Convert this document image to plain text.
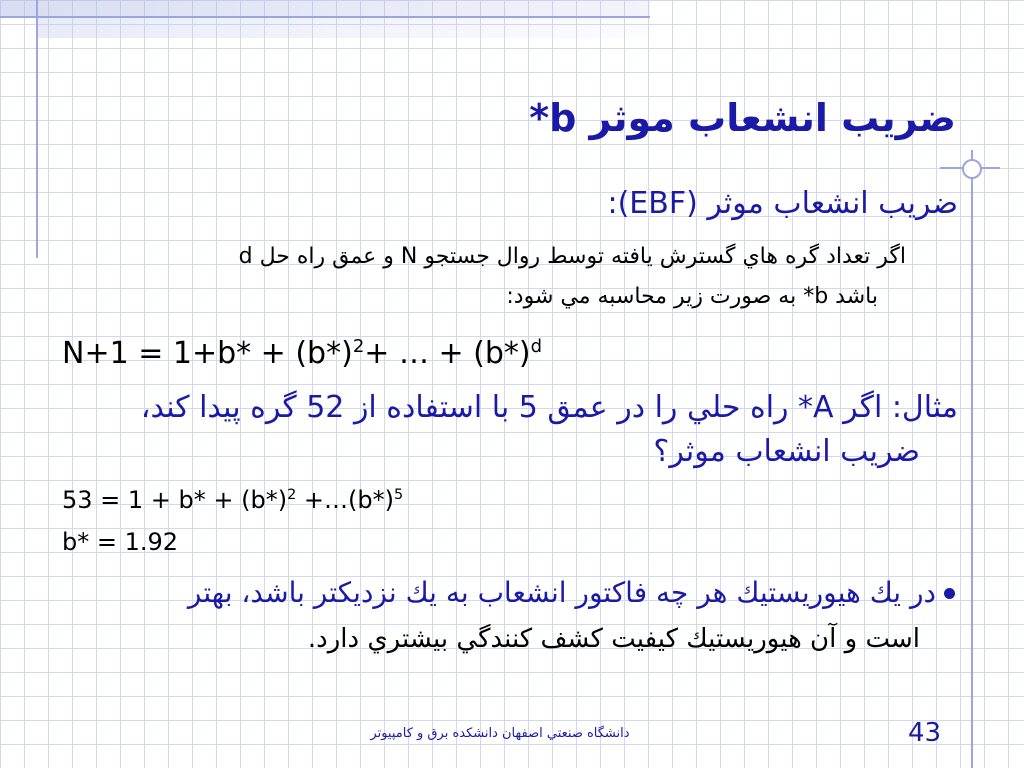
ضريب انشعاب موثر b*
ضريب انشعاب موثر (EBF):
اگر تعداد گره هاي گسترش يافته توسط روال جستجو N و عمق راه حل d
باشد b* به صورت زير محاسبه مي شود:
$N+1 = 1+b* + (b*)^2+$ … + $(b*)^d$
مثال: اگر A* راه حلي را در عمق 5 با استفاده از 52 گره پيدا كند،
ضريب انشعاب موثر؟
$53 = 1 + b* + (b*)^2$ $+\dots(b*)^5$
b* = 1.92
در يك هيوريستيك هر چه فاكتور انشعاب به يك نزديكتر باشد، بهتر
است و آن هيوريستيك كيفيت كشف كنندگي بيشتري دارد.
دانشگاه صنعتي اصفهان دانشكده برق و كامپيوتر	43
